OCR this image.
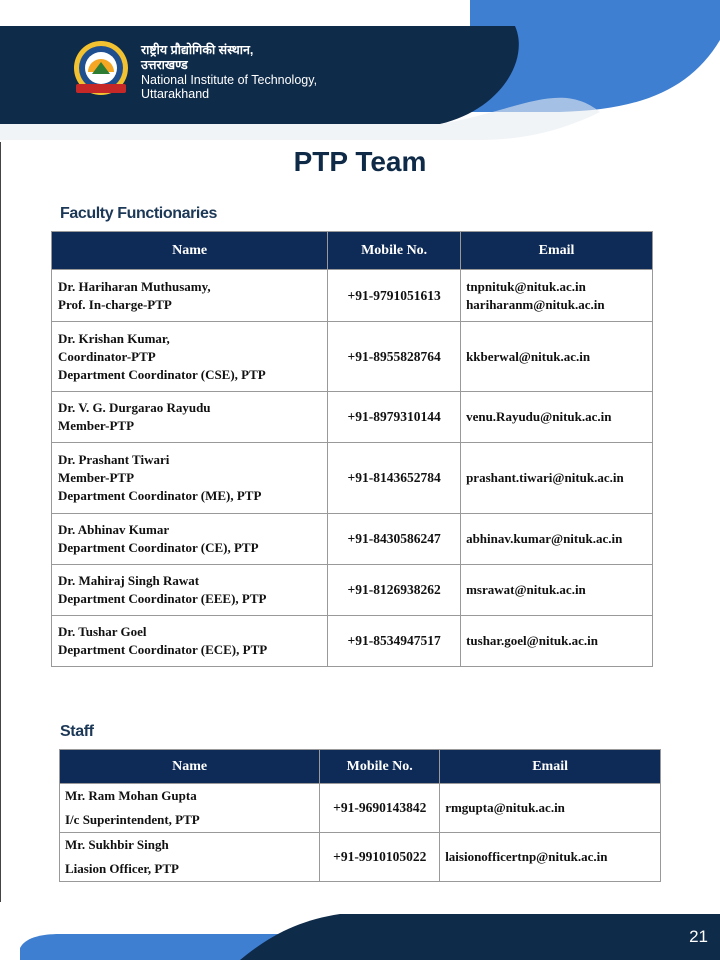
राष्ट्रीय प्रौद्योगिकी संस्थान,
उत्तराखण्ड
National Institute of Technology,
Uttarakhand
PTP Team
Faculty Functionaries
Name	Mobile No.	Email
Dr. Hariharan Muthusamy,
Prof. In-charge-PTP	+91-9791051613	tnpnituk@nituk.ac.in
hariharanm@nituk.ac.in
Dr. Krishan Kumar,
Coordinator-PTP
Department Coordinator (CSE), PTP	+91-8955828764	kkberwal@nituk.ac.in
Dr. V. G. Durgarao Rayudu
Member-PTP	+91-8979310144	venu.Rayudu@nituk.ac.in
Dr. Prashant Tiwari
Member-PTP
Department Coordinator (ME), PTP	+91-8143652784	prashant.tiwari@nituk.ac.in
Dr. Abhinav Kumar
Department Coordinator (CE), PTP	+91-8430586247	abhinav.kumar@nituk.ac.in
Dr. Mahiraj Singh Rawat
Department Coordinator (EEE), PTP	+91-8126938262	msrawat@nituk.ac.in
Dr. Tushar Goel
Department Coordinator (ECE), PTP	+91-8534947517	tushar.goel@nituk.ac.in
Staff
Name	Mobile No.	Email
Mr. Ram Mohan Gupta
I/c Superintendent, PTP	+91-9690143842	rmgupta@nituk.ac.in
Mr. Sukhbir Singh
Liasion Officer, PTP	+91-9910105022	laisionofficertnp@nituk.ac.in
21
